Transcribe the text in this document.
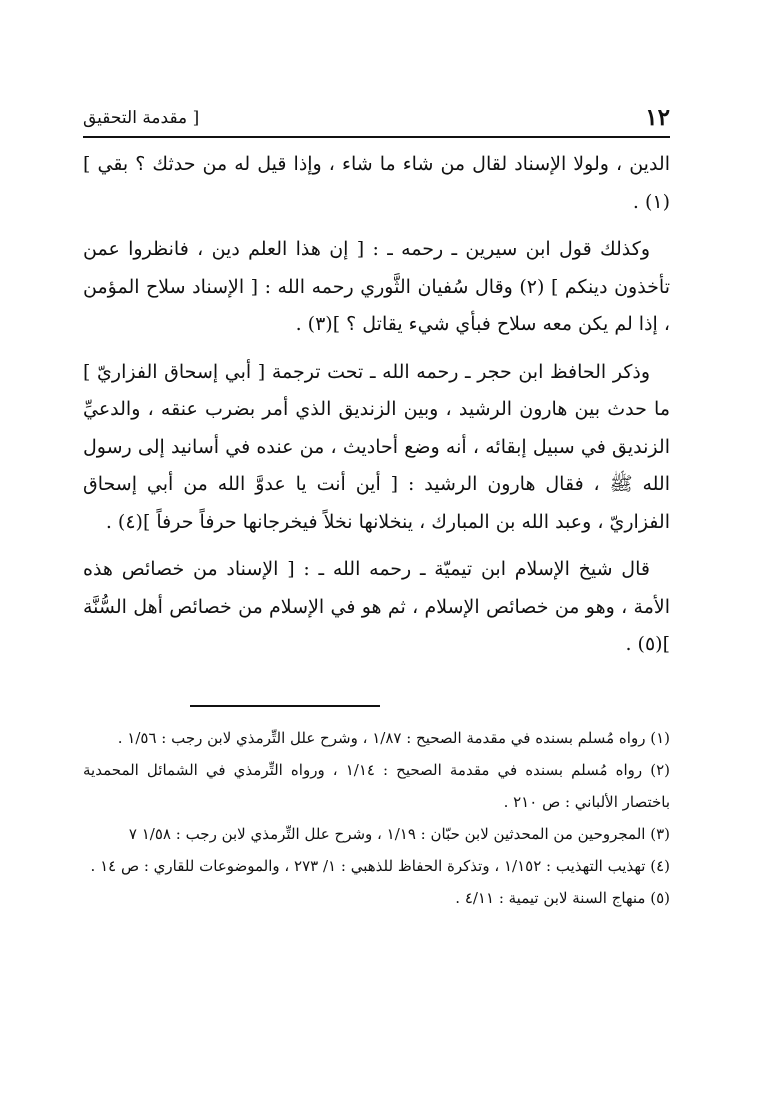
١٢
[ مقدمة التحقيق

الدين ، ولولا الإسناد لقال من شاء ما شاء ، وإذا قيل له من حدثك ؟ بقي ] (١) .

وكذلك قول ابن سيرين ـ رحمه ـ : [ إن هذا العلم دين ، فانظروا عمن تأخذون دينكم ] (٢) وقال سُفيان الثَّوري رحمه الله : [ الإسناد سلاح المؤمن ، إذا لم يكن معه سلاح فبأي شيء يقاتل ؟ ](٣) .

وذكر الحافظ ابن حجر ـ رحمه الله ـ تحت ترجمة [ أبي إسحاق الفزاريّ ] ما حدث بين هارون الرشيد ، وبين الزنديق الذي أمر بضرب عنقه ، والدعيِّ الزنديق في سبيل إبقائه ، أنه وضع أحاديث ، من عنده في أسانيد إلى رسول الله ﷺ ، فقال هارون الرشيد : [ أين أنت يا عدوَّ الله من أبي إسحاق الفزاريّ ، وعبد الله بن المبارك ، ينخلانها نخلاً فيخرجانها حرفاً حرفاً ](٤) .

قال شيخ الإسلام ابن تيميّة ـ رحمه الله ـ : [ الإسناد من خصائص هذه الأمة ، وهو من خصائص الإسلام ، ثم هو في الإسلام من خصائص أهل السُّنَّة ](٥) .

(١) رواه مُسلم بسنده في مقدمة الصحيح : ١/٨٧ ، وشرح علل التِّرمذي لابن رجب : ١/٥٦ .

(٢) رواه مُسلم بسنده في مقدمة الصحيح : ١/١٤ ، ورواه التِّرمذي في الشمائل المحمدية باختصار الألباني : ص ٢١٠ .

(٣) المجروحين من المحدثين لابن حبّان : ١/١٩ ، وشرح علل التِّرمذي لابن رجب : ١/٥٨ ٧

(٤) تهذيب التهذيب : ١/١٥٢ ، وتذكرة الحفاظ للذهبي : ١/ ٢٧٣ ، والموضوعات للقاري : ص ١٤ .

(٥) منهاج السنة لابن تيمية : ٤/١١ .
